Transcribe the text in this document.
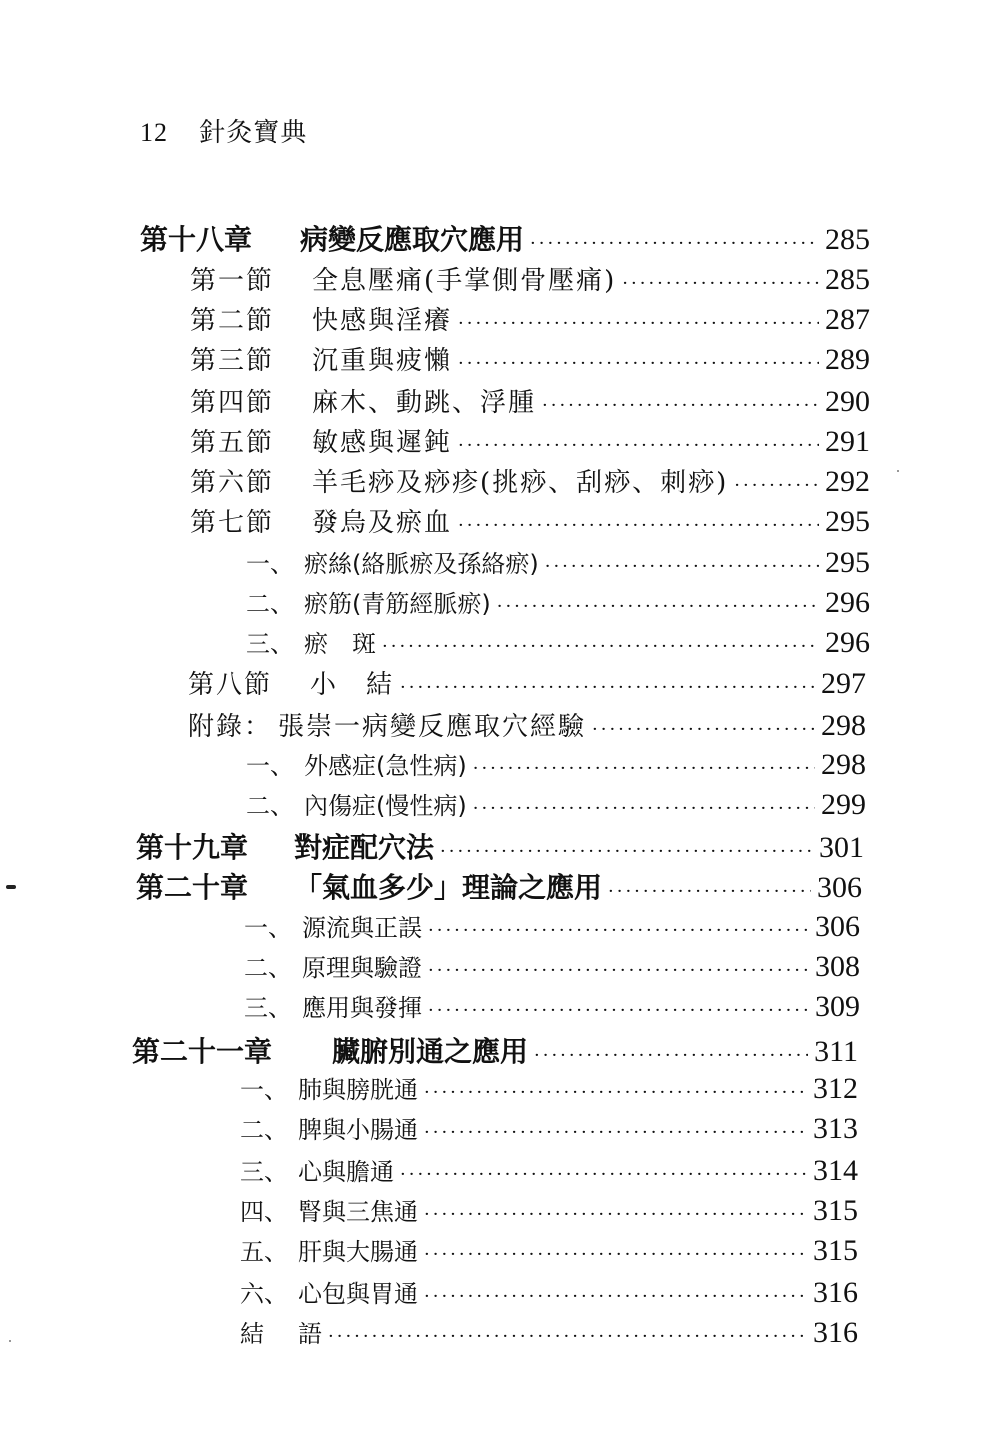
12 針灸寶典
第十八章	病變反應取穴應用 ·····	285
第一節	全息壓痛(手掌側骨壓痛) ·····	285
第二節	快感與淫癢 ·····	287
第三節	沉重與疲懶 ·····	289
第四節	麻木、動跳、浮腫 ·····	290
第五節	敏感與遲鈍 ·····	291
第六節	羊毛痧及痧疹(挑痧、刮痧、刺痧) ·····	292
第七節	發烏及瘀血 ·····	295
一、 瘀絲(絡脈瘀及孫絡瘀) ·····	295
二、 瘀筋(青筋經脈瘀) ·····	296
三、 瘀　斑 ·····	296
第八節	小　結 ·····	297
附錄： 張崇一病變反應取穴經驗 ·····	298
一、 外感症(急性病) ·····	298
二、 內傷症(慢性病) ·····	299
第十九章	對症配穴法 ·····	301
第二十章	「氣血多少」理論之應用 ·····	306
一、 源流與正誤 ·····	306
二、 原理與驗證 ·····	308
三、 應用與發揮 ·····	309
第二十一章	臟腑別通之應用 ·····	311
一、 肺與膀胱通 ·····	312
二、 脾與小腸通 ·····	313
三、 心與膽通 ·····	314
四、 腎與三焦通 ·····	315
五、 肝與大腸通 ·····	315
六、 心包與胃通 ·····	316
結　 語 ·····	316
